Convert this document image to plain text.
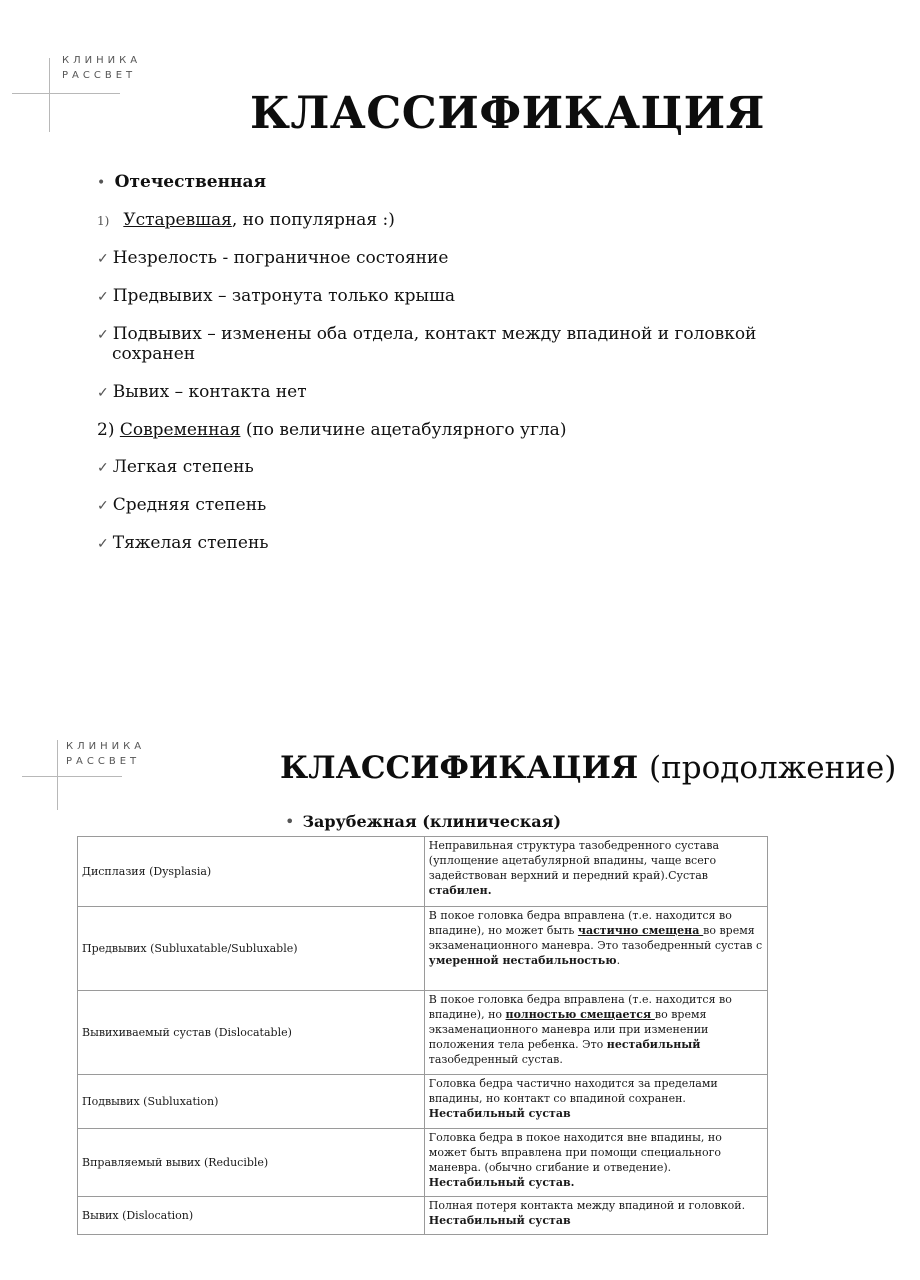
КЛИНИКА
РАССВЕТ
КЛАССИФИКАЦИЯ
• Отечественная
1) Устаревшая, но популярная :)
✓ Незрелость - пограничное состояние
✓ Предвывих – затронута только крыша
✓ Подвывих – изменены оба отдела, контакт между впадиной и головкой
сохранен
✓ Вывих – контакта нет
2) Современная (по величине ацетабулярного угла)
✓ Легкая степень
✓ Средняя степень
✓ Тяжелая степень
КЛИНИКА
РАССВЕТ	КЛАССИФИКАЦИЯ (продолжение)
• Зарубежная (клиническая)
Дисплазия (Dysplasia)	Неправильная структура тазобедренного сустава (уплощение ацетабулярной впадины, чаще всего задействован верхний и передний край).Сустав стабилен.
Предвывих (Subluxatable/Subluxable)	В покое головка бедра вправлена (т.е. находится во впадине), но может быть частично смещена во время экзаменационного маневра. Это тазобедренный сустав с умеренной нестабильностью.
Вывихиваемый сустав (Dislocatable)	В покое головка бедра вправлена (т.е. находится во впадине), но полностью смещается во время экзаменационного маневра или при изменении положения тела ребенка. Это нестабильный тазобедренный сустав.
Подвывих (Subluxation)	Головка бедра частично находится за пределами впадины, но контакт со впадиной сохранен. Нестабильный сустав
Вправляемый вывих (Reducible)	Головка бедра в покое находится вне впадины, но может быть вправлена при помощи специального маневра. (обычно сгибание и отведение). Нестабильный сустав.
Вывих (Dislocation)	Полная потеря контакта между впадиной и головкой. Нестабильный сустав
